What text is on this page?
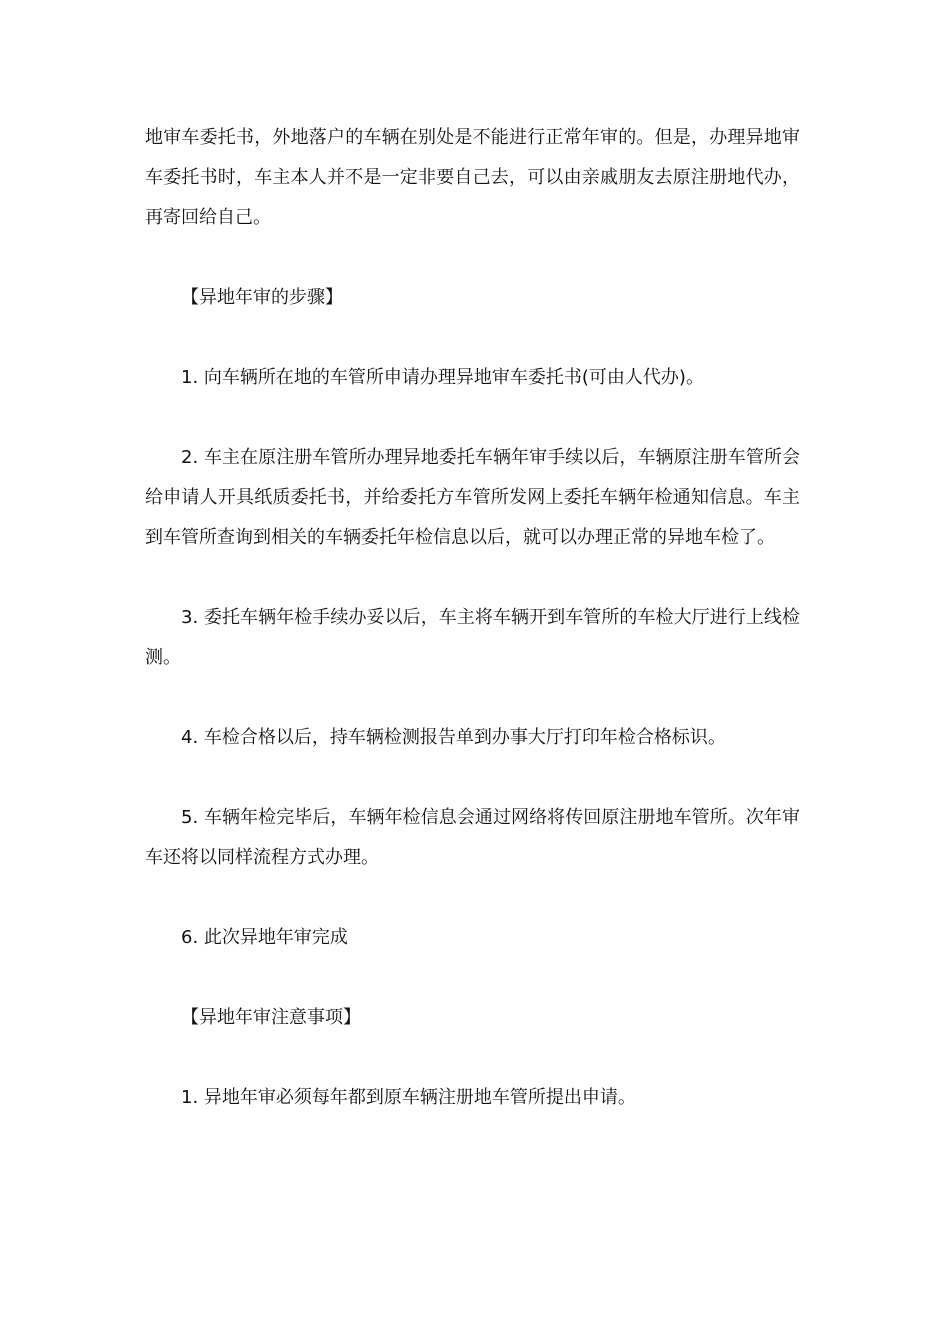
地审车委托书，外地落户的车辆在别处是不能进行正常年审的。但是，办理异地审车委托书时，车主本人并不是一定非要自己去，可以由亲戚朋友去原注册地代办，再寄回给自己。

【异地年审的步骤】

1. 向车辆所在地的车管所申请办理异地审车委托书(可由人代办)。

2. 车主在原注册车管所办理异地委托车辆年审手续以后，车辆原注册车管所会给申请人开具纸质委托书，并给委托方车管所发网上委托车辆年检通知信息。车主到车管所查询到相关的车辆委托年检信息以后，就可以办理正常的异地车检了。

3. 委托车辆年检手续办妥以后，车主将车辆开到车管所的车检大厅进行上线检测。

4. 车检合格以后，持车辆检测报告单到办事大厅打印年检合格标识。

5. 车辆年检完毕后，车辆年检信息会通过网络将传回原注册地车管所。次年审车还将以同样流程方式办理。

6. 此次异地年审完成

【异地年审注意事项】

1. 异地年审必须每年都到原车辆注册地车管所提出申请。
